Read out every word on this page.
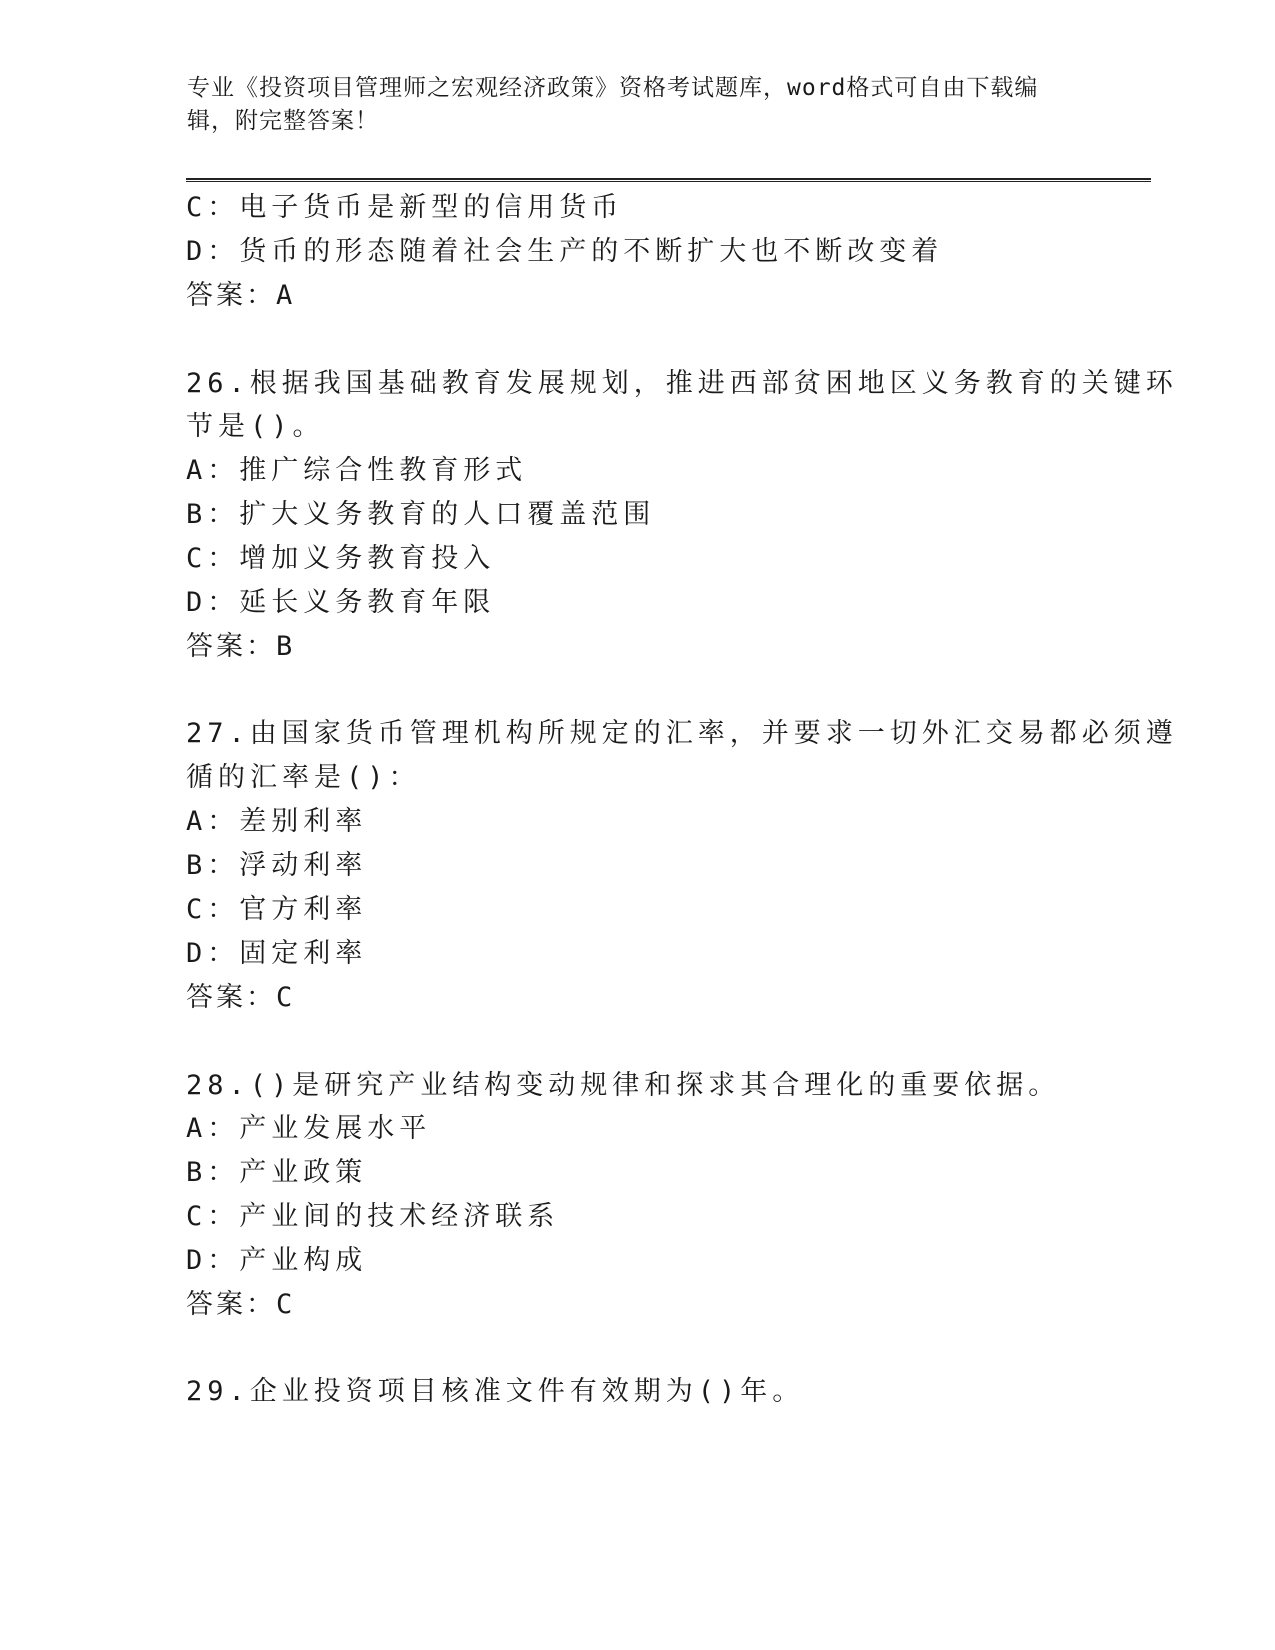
专业《投资项目管理师之宏观经济政策》资格考试题库，word格式可自由下载编
辑，附完整答案！
C：电子货币是新型的信用货币
D：货币的形态随着社会生产的不断扩大也不断改变着
答案：A
26.根据我国基础教育发展规划，推进西部贫困地区义务教育的关键环
节是()。
A：推广综合性教育形式
B：扩大义务教育的人口覆盖范围
C：增加义务教育投入
D：延长义务教育年限
答案：B
27.由国家货币管理机构所规定的汇率，并要求一切外汇交易都必须遵
循的汇率是()：
A：差别利率
B：浮动利率
C：官方利率
D：固定利率
答案：C
28.()是研究产业结构变动规律和探求其合理化的重要依据。
A：产业发展水平
B：产业政策
C：产业间的技术经济联系
D：产业构成
答案：C
29.企业投资项目核准文件有效期为()年。
